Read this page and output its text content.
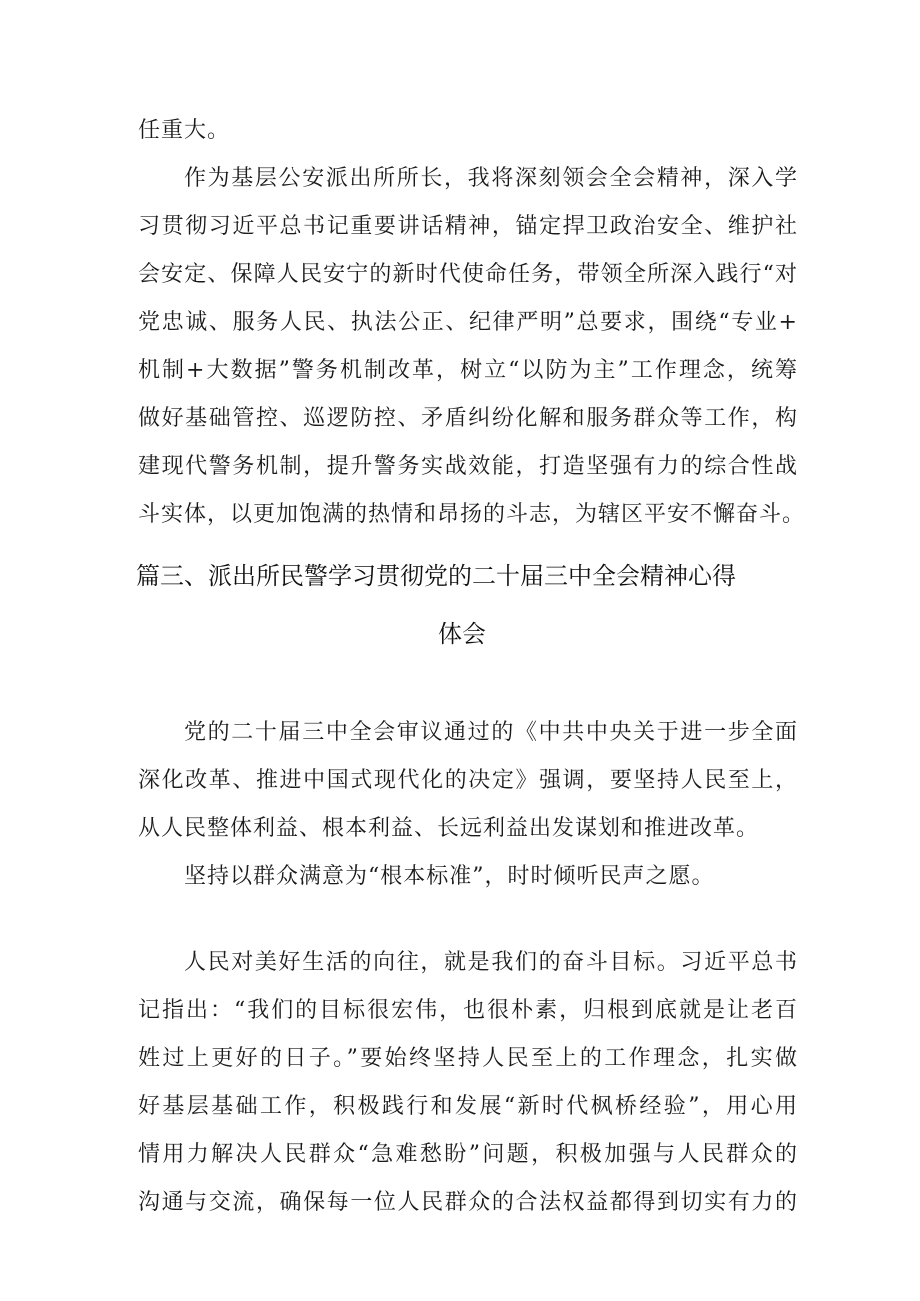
任重大。
作为基层公安派出所所长，我将深刻领会全会精神，深入学
习贯彻习近平总书记重要讲话精神，锚定捍卫政治安全、维护社
会安定、保障人民安宁的新时代使命任务，带领全所深入践行“对
党忠诚、服务人民、执法公正、纪律严明”总要求，围绕“专业+
机制+大数据”警务机制改革，树立“以防为主”工作理念，统筹
做好基础管控、巡逻防控、矛盾纠纷化解和服务群众等工作，构
建现代警务机制，提升警务实战效能，打造坚强有力的综合性战
斗实体，以更加饱满的热情和昂扬的斗志，为辖区平安不懈奋斗。
篇三、派出所民警学习贯彻党的二十届三中全会精神心得
体会
党的二十届三中全会审议通过的《中共中央关于进一步全面
深化改革、推进中国式现代化的决定》强调，要坚持人民至上，
从人民整体利益、根本利益、长远利益出发谋划和推进改革。
坚持以群众满意为“根本标准”，时时倾听民声之愿。
人民对美好生活的向往，就是我们的奋斗目标。习近平总书
记指出：“我们的目标很宏伟，也很朴素，归根到底就是让老百
姓过上更好的日子。”要始终坚持人民至上的工作理念，扎实做
好基层基础工作，积极践行和发展“新时代枫桥经验”，用心用
情用力解决人民群众“急难愁盼”问题，积极加强与人民群众的
沟通与交流，确保每一位人民群众的合法权益都得到切实有力的
